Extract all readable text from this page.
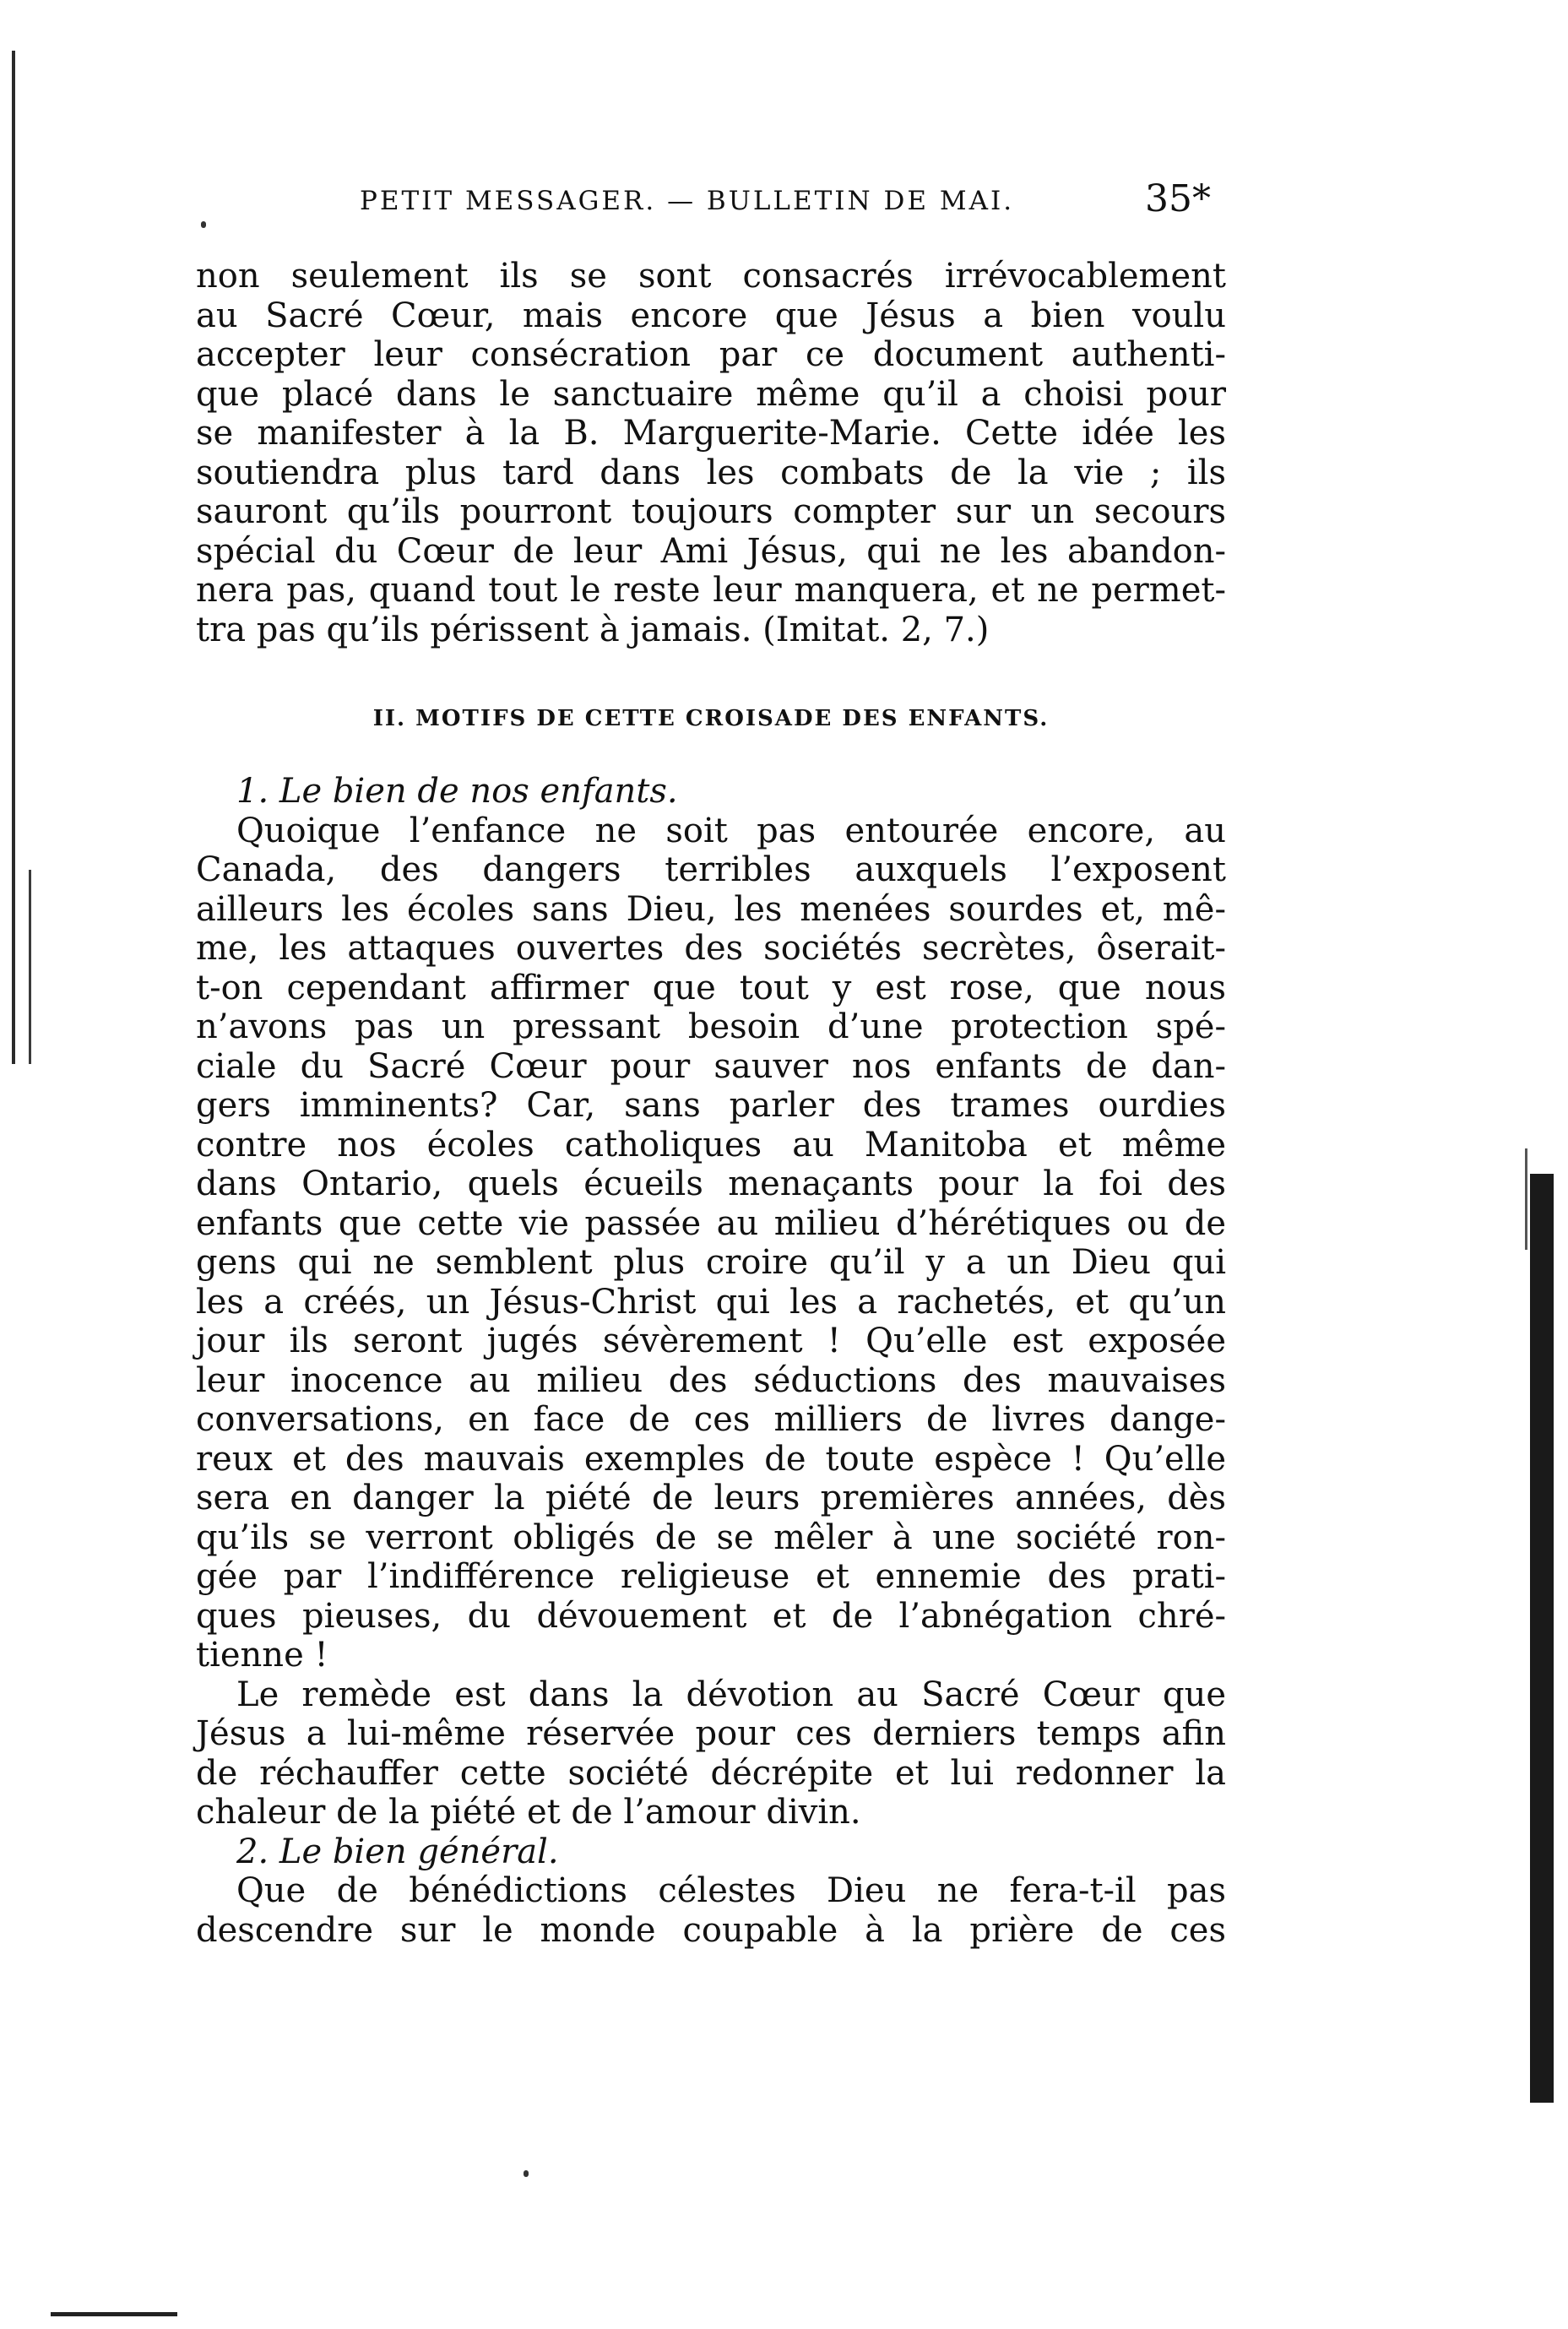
PETIT MESSAGER. — BULLETIN DE MAI.	35*
non seulement ils se sont consacrés irrévocablement
au Sacré Cœur, mais encore que Jésus a bien voulu
accepter leur consécration par ce document authenti-
que placé dans le sanctuaire même qu’il a choisi pour
se manifester à la B. Marguerite-Marie. Cette idée les
soutiendra plus tard dans les combats de la vie ; ils
sauront qu’ils pourront toujours compter sur un secours
spécial du Cœur de leur Ami Jésus, qui ne les abandon-
nera pas, quand tout le reste leur manquera, et ne permet-
tra pas qu’ils périssent à jamais. (Imitat. 2, 7.)
II. MOTIFS DE CETTE CROISADE DES ENFANTS.
1. Le bien de nos enfants.
Quoique l’enfance ne soit pas entourée encore, au
Canada, des dangers terribles auxquels l’exposent
ailleurs les écoles sans Dieu, les menées sourdes et, mê-
me, les attaques ouvertes des sociétés secrètes, ôserait-
t-on cependant affirmer que tout y est rose, que nous
n’avons pas un pressant besoin d’une protection spé-
ciale du Sacré Cœur pour sauver nos enfants de dan-
gers imminents? Car, sans parler des trames ourdies
contre nos écoles catholiques au Manitoba et même
dans Ontario, quels écueils menaçants pour la foi des
enfants que cette vie passée au milieu d’hérétiques ou de
gens qui ne semblent plus croire qu’il y a un Dieu qui
les a créés, un Jésus-Christ qui les a rachetés, et qu’un
jour ils seront jugés sévèrement ! Qu’elle est exposée
leur inocence au milieu des séductions des mauvaises
conversations, en face de ces milliers de livres dange-
reux et des mauvais exemples de toute espèce ! Qu’elle
sera en danger la piété de leurs premières années, dès
qu’ils se verront obligés de se mêler à une société ron-
gée par l’indifférence religieuse et ennemie des prati-
ques pieuses, du dévouement et de l’abnégation chré-
tienne !
Le remède est dans la dévotion au Sacré Cœur que
Jésus a lui-même réservée pour ces derniers temps afin
de réchauffer cette société décrépite et lui redonner la
chaleur de la piété et de l’amour divin.
2. Le bien général.
Que de bénédictions célestes Dieu ne fera-t-il pas
descendre sur le monde coupable à la prière de ces
